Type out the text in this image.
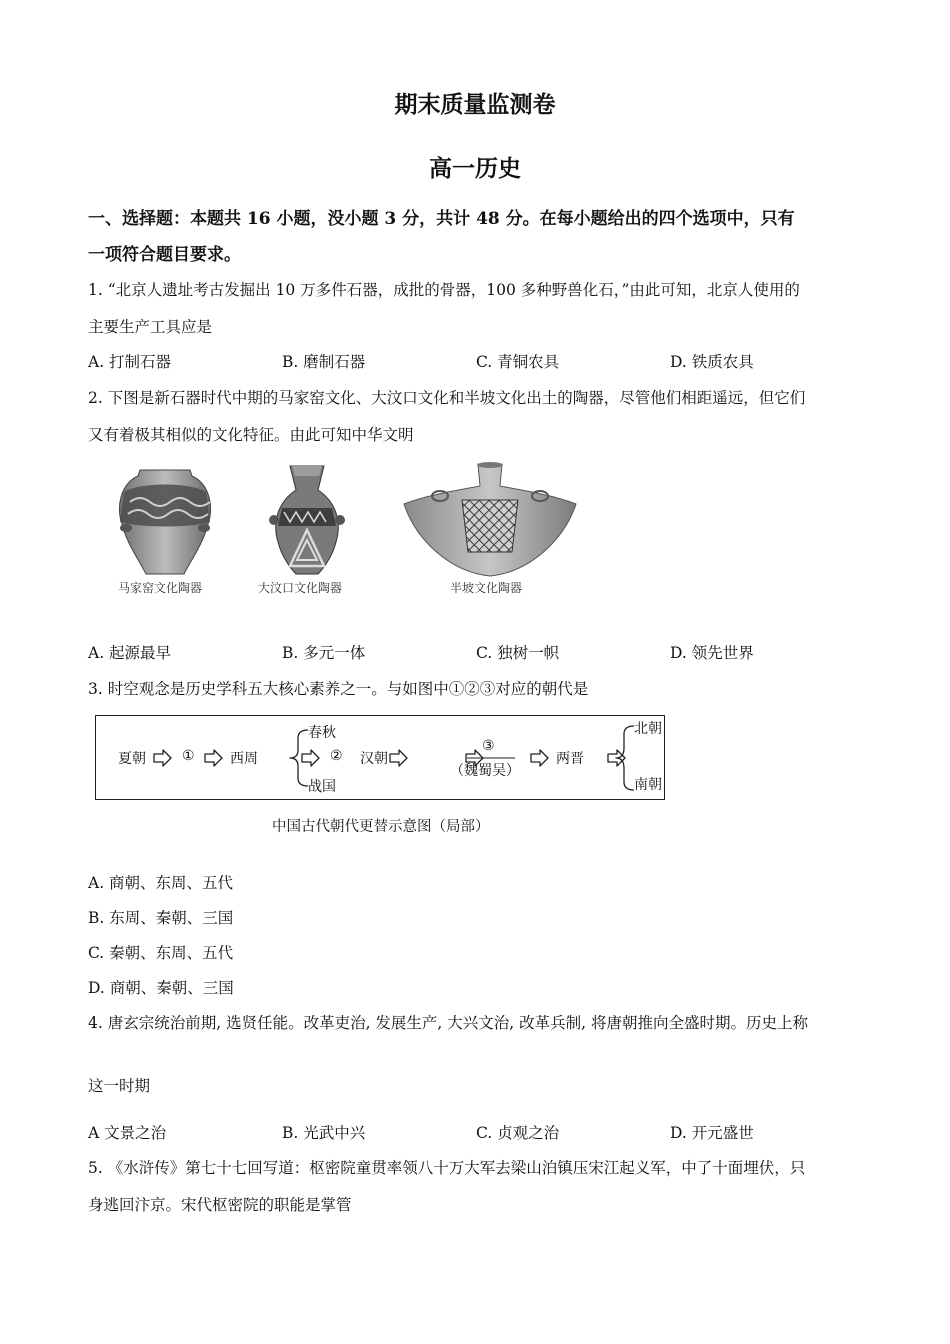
期末质量监测卷
高一历史
一、选择题：本题共 16 小题，没小题 3 分，共计 48 分。在每小题给出的四个选项中，只有
一项符合题目要求。
1. “北京人遗址考古发掘出 10 万多件石器，成批的骨器，100 多种野兽化石，”由此可知，北京人使用的
主要生产工具应是
A. 打制石器	B. 磨制石器	C. 青铜农具	D. 铁质农具
2. 下图是新石器时代中期的马家窑文化、大汶口文化和半坡文化出土的陶器，尽管他们相距遥远，但它们
又有着极其相似的文化特征。由此可知中华文明
马家窑文化陶器	大汶口文化陶器	半坡文化陶器
A. 起源最早	B. 多元一体	C. 独树一帜	D. 领先世界
3. 时空观念是历史学科五大核心素养之一。与如图中①②③对应的朝代是
夏朝	①	西周
春秋
战国
② 汉朝
③
（魏蜀吴）
两晋
北朝
南朝
中国古代朝代更替示意图（局部）
A. 商朝、东周、五代
B. 东周、秦朝、三国
C. 秦朝、东周、五代
D. 商朝、秦朝、三国
4. 唐玄宗统治前期, 选贤任能。改革吏治, 发展生产, 大兴文治, 改革兵制, 将唐朝推向全盛时期。历史上称
这一时期
A 文景之治	B. 光武中兴	C. 贞观之治	D. 开元盛世
5. 《水浒传》第七十七回写道：枢密院童贯率领八十万大军去梁山泊镇压宋江起义军，中了十面埋伏，只
身逃回汴京。宋代枢密院的职能是掌管
